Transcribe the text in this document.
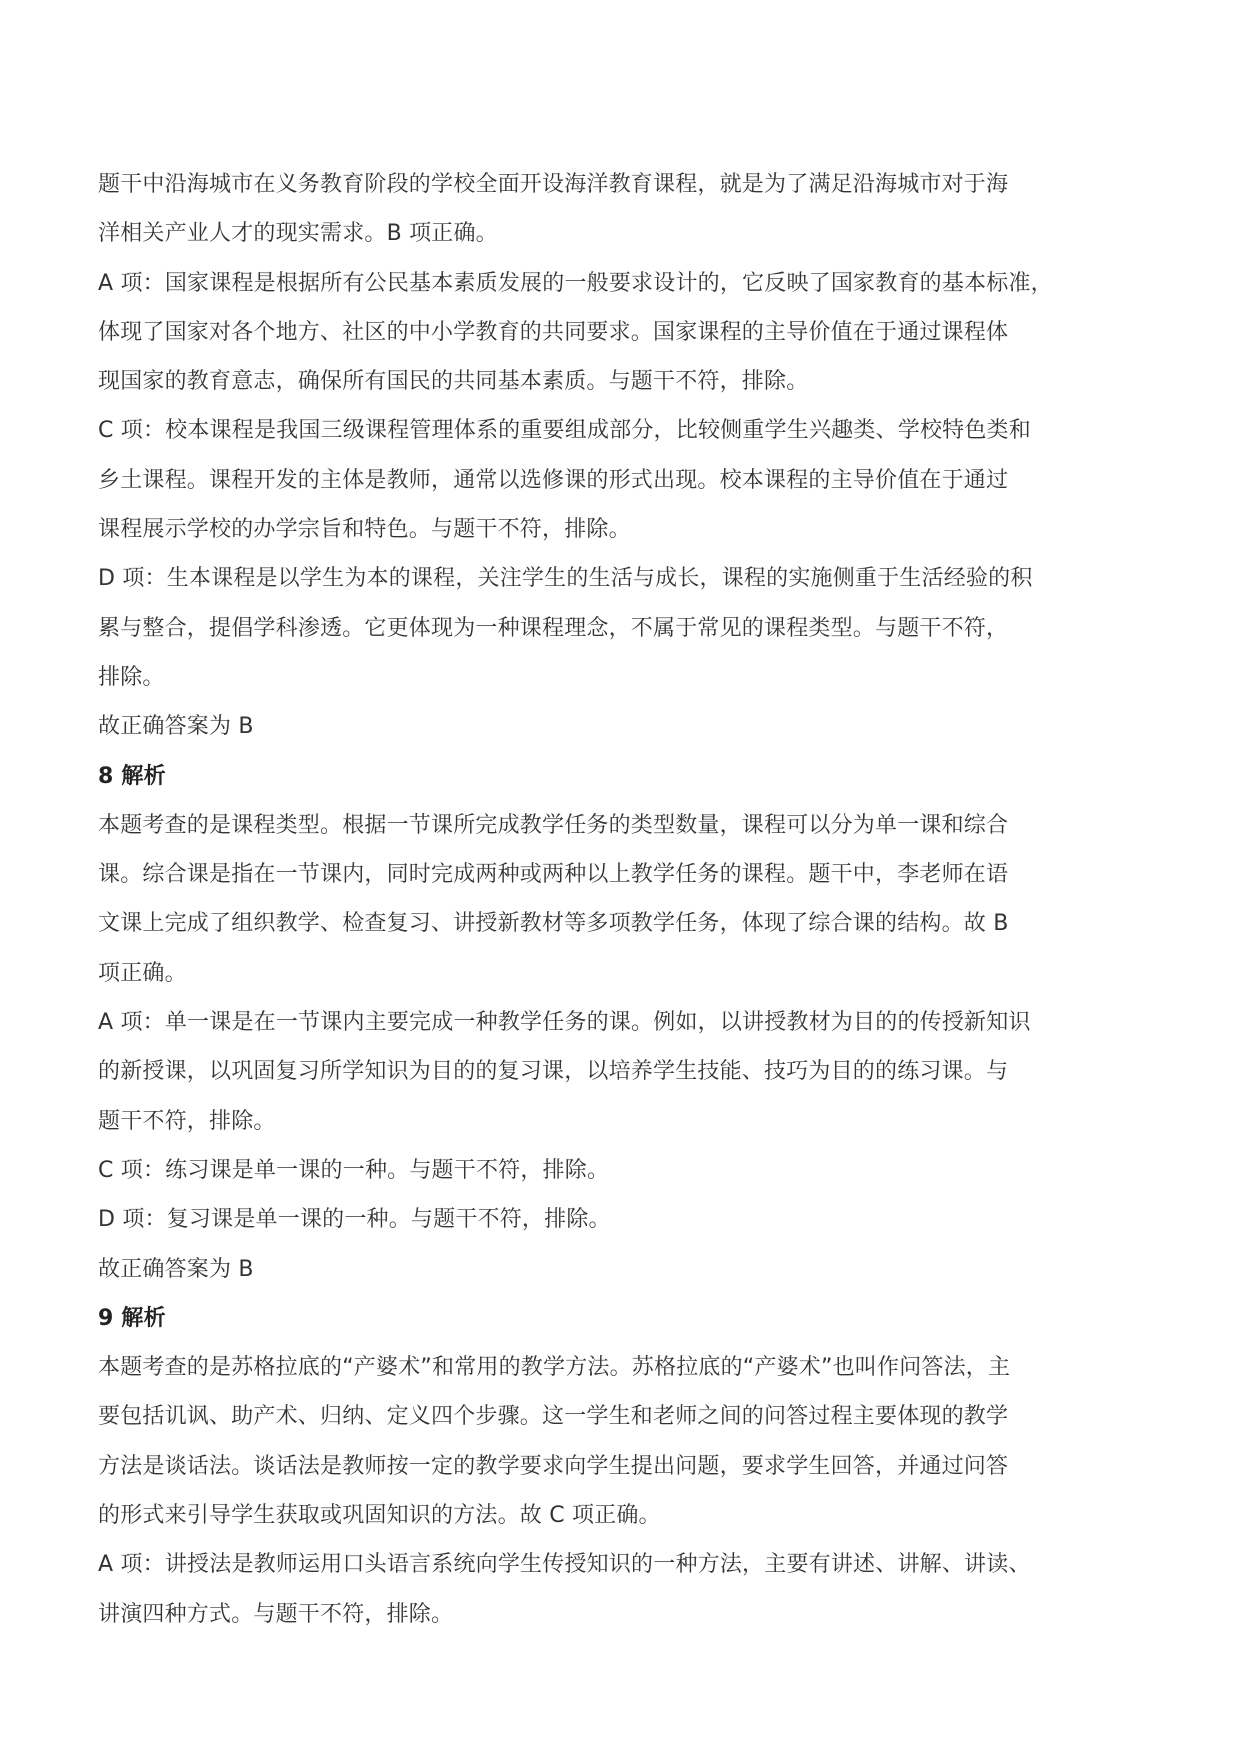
题干中沿海城市在义务教育阶段的学校全面开设海洋教育课程，就是为了满足沿海城市对于海

洋相关产业人才的现实需求。B 项正确。

A 项：国家课程是根据所有公民基本素质发展的一般要求设计的，它反映了国家教育的基本标准，

体现了国家对各个地方、社区的中小学教育的共同要求。国家课程的主导价值在于通过课程体

现国家的教育意志，确保所有国民的共同基本素质。与题干不符，排除。

C 项：校本课程是我国三级课程管理体系的重要组成部分，比较侧重学生兴趣类、学校特色类和

乡土课程。课程开发的主体是教师，通常以选修课的形式出现。校本课程的主导价值在于通过

课程展示学校的办学宗旨和特色。与题干不符，排除。

D 项：生本课程是以学生为本的课程，关注学生的生活与成长，课程的实施侧重于生活经验的积

累与整合，提倡学科渗透。它更体现为一种课程理念，不属于常见的课程类型。与题干不符，

排除。

故正确答案为 B

8 解析

本题考查的是课程类型。根据一节课所完成教学任务的类型数量，课程可以分为单一课和综合

课。综合课是指在一节课内，同时完成两种或两种以上教学任务的课程。题干中，李老师在语

文课上完成了组织教学、检查复习、讲授新教材等多项教学任务，体现了综合课的结构。故 B

项正确。

A 项：单一课是在一节课内主要完成一种教学任务的课。例如，以讲授教材为目的的传授新知识

的新授课，以巩固复习所学知识为目的的复习课，以培养学生技能、技巧为目的的练习课。与

题干不符，排除。

C 项：练习课是单一课的一种。与题干不符，排除。

D 项：复习课是单一课的一种。与题干不符，排除。

故正确答案为 B

9 解析

本题考查的是苏格拉底的“产婆术”和常用的教学方法。苏格拉底的“产婆术”也叫作问答法，主

要包括讥讽、助产术、归纳、定义四个步骤。这一学生和老师之间的问答过程主要体现的教学

方法是谈话法。谈话法是教师按一定的教学要求向学生提出问题，要求学生回答，并通过问答

的形式来引导学生获取或巩固知识的方法。故 C 项正确。

A 项：讲授法是教师运用口头语言系统向学生传授知识的一种方法，主要有讲述、讲解、讲读、

讲演四种方式。与题干不符，排除。
